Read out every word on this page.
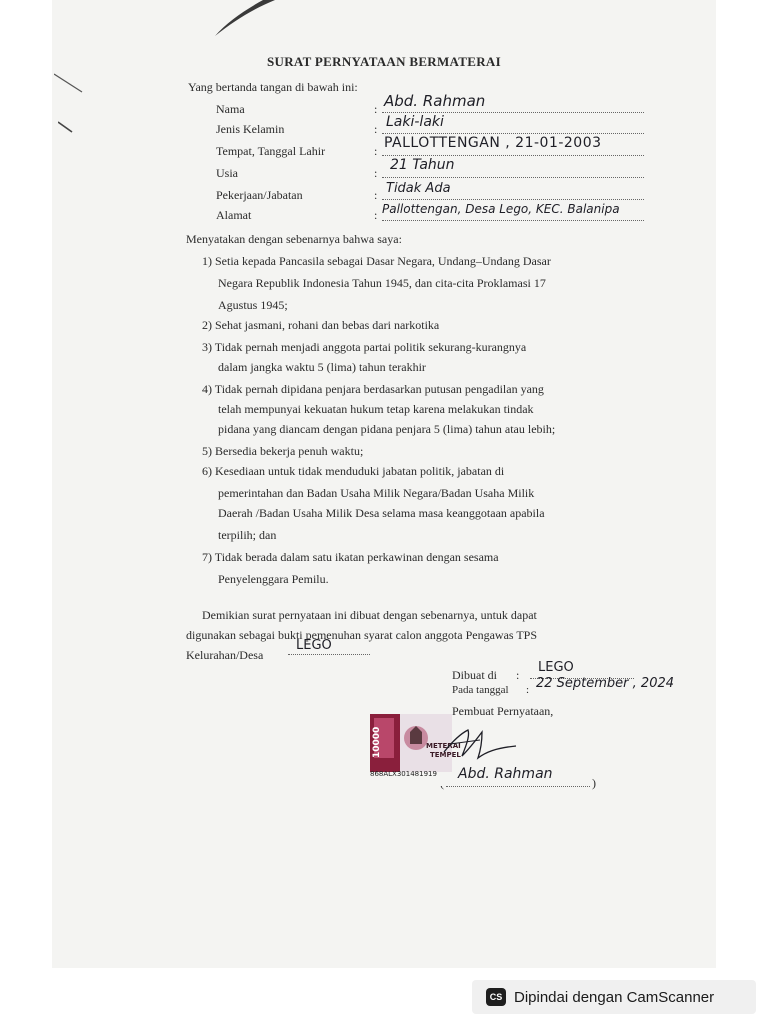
SURAT PERNYATAAN BERMATERAI
Yang bertanda tangan di bawah ini:
Nama	: Abd. Rahman
Jenis Kelamin	: Laki-laki
Tempat, Tanggal Lahir	: PALLOTTENGAN , 21-01-2003
Usia	: 21 Tahun
Pekerjaan/Jabatan	: Tidak Ada
Alamat	: Pallottengan, Desa Lego, KEC. Balanipa
Menyatakan dengan sebenarnya bahwa saya:
1) Setia kepada Pancasila sebagai Dasar Negara, Undang–Undang Dasar
Negara Republik Indonesia Tahun 1945, dan cita-cita Proklamasi 17
Agustus 1945;
2) Sehat jasmani, rohani dan bebas dari narkotika
3) Tidak pernah menjadi anggota partai politik sekurang-kurangnya
dalam jangka waktu 5 (lima) tahun terakhir
4) Tidak pernah dipidana penjara berdasarkan putusan pengadilan yang
telah mempunyai kekuatan hukum tetap karena melakukan tindak
pidana yang diancam dengan pidana penjara 5 (lima) tahun atau lebih;
5) Bersedia bekerja penuh waktu;
6) Kesediaan untuk tidak menduduki jabatan politik, jabatan di
pemerintahan dan Badan Usaha Milik Negara/Badan Usaha Milik
Daerah /Badan Usaha Milik Desa selama masa keanggotaan apabila
terpilih; dan
7) Tidak berada dalam satu ikatan perkawinan dengan sesama
Penyelenggara Pemilu.
Demikian surat pernyataan ini dibuat dengan sebenarnya, untuk dapat
digunakan sebagai bukti pemenuhan syarat calon anggota Pengawas TPS
Kelurahan/Desa
LEGO
Dibuat di : LEGO
Pada tanggal : 22 September , 2024
Pembuat Pernyataan,
Abd. Rahman
)
10000	METERAI
TEMPEL
868ALX301481919
CS Dipindai dengan CamScanner
